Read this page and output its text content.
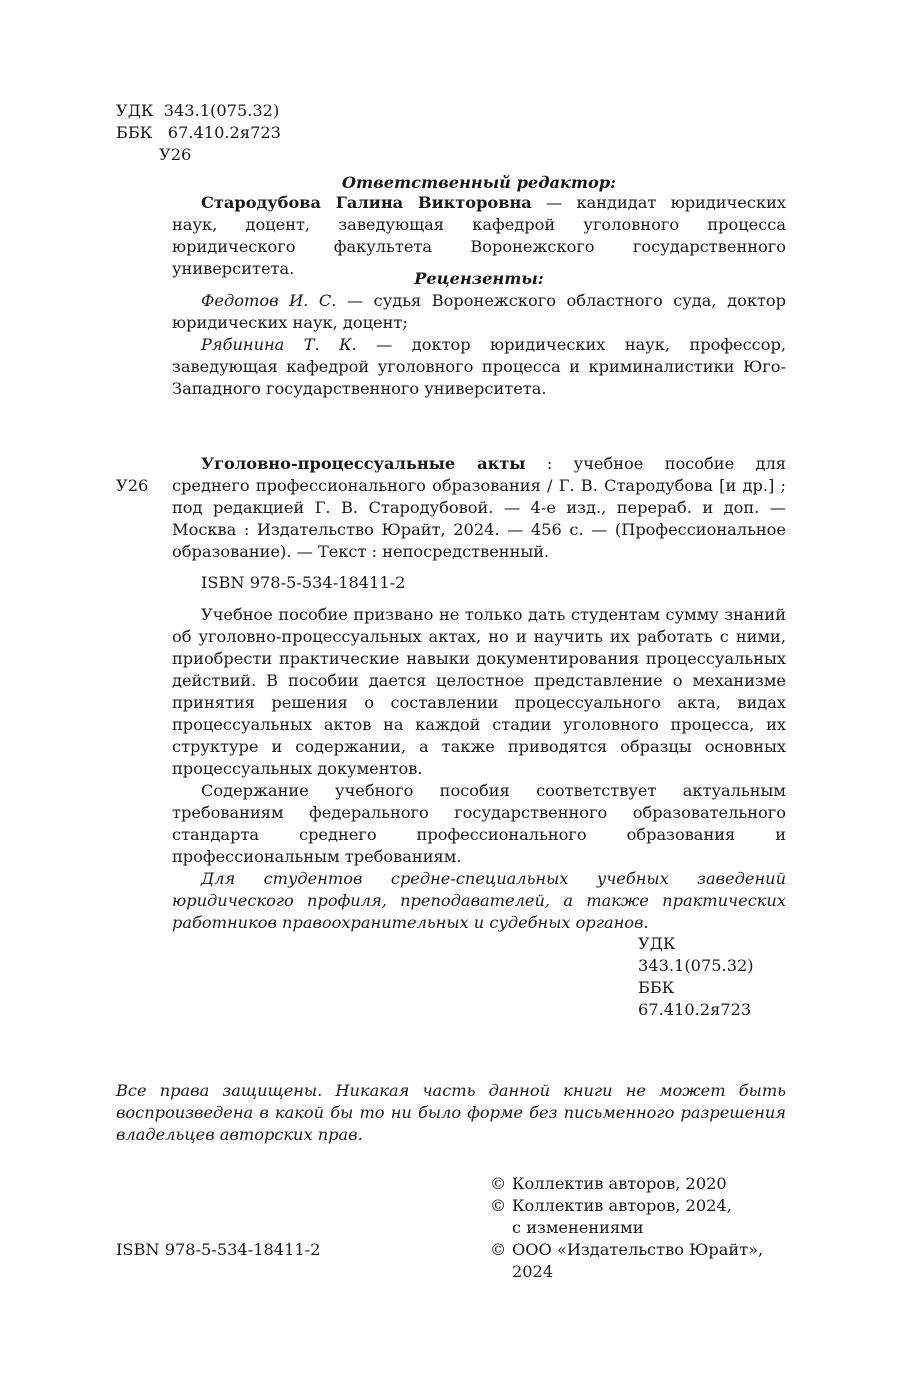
УДК 343.1(075.32)
ББК 67.410.2я723
У26
Ответственный редактор:
Стародубова Галина Викторовна — кандидат юридических наук, доцент, заведующая кафедрой уголовного процесса юридического факультета Воронежского государственного университета.
Рецензенты:
Федотов И. С. — судья Воронежского областного суда, доктор юридических наук, доцент;
Рябинина Т. К. — доктор юридических наук, профессор, заведующая кафедрой уголовного процесса и криминалистики Юго-Западного государственного университета.
У26
Уголовно-процессуальные акты : учебное пособие для среднего профессионального образования / Г. В. Стародубова [и др.] ; под редакцией Г. В. Стародубовой. — 4-е изд., перераб. и доп. — Москва : Издательство Юрайт, 2024. — 456 с. — (Профессиональное образование). — Текст : непосредственный.
ISBN 978-5-534-18411-2

Учебное пособие призвано не только дать студентам сумму знаний об уголовно-процессуальных актах, но и научить их работать с ними, приобрести практические навыки документирования процессуальных действий. В пособии дается целостное представление о механизме принятия решения о составлении процессуального акта, видах процессуальных актов на каждой стадии уголовного процесса, их структуре и содержании, а также приводятся образцы основных процессуальных документов.

Содержание учебного пособия соответствует актуальным требованиям федерального государственного образовательного стандарта среднего профессионального образования и профессиональным требованиям.

Для студентов средне-специальных учебных заведений юридического профиля, преподавателей, а также практических работников правоохранительных и судебных органов.

УДК 343.1(075.32)
ББК 67.410.2я723
Все права защищены. Никакая часть данной книги не может быть воспроизведена в какой бы то ни было форме без письменного разрешения владельцев авторских прав.
© Коллектив авторов, 2020
© Коллектив авторов, 2024,
с изменениями
© ООО «Издательство Юрайт», 2024
ISBN 978-5-534-18411-2
